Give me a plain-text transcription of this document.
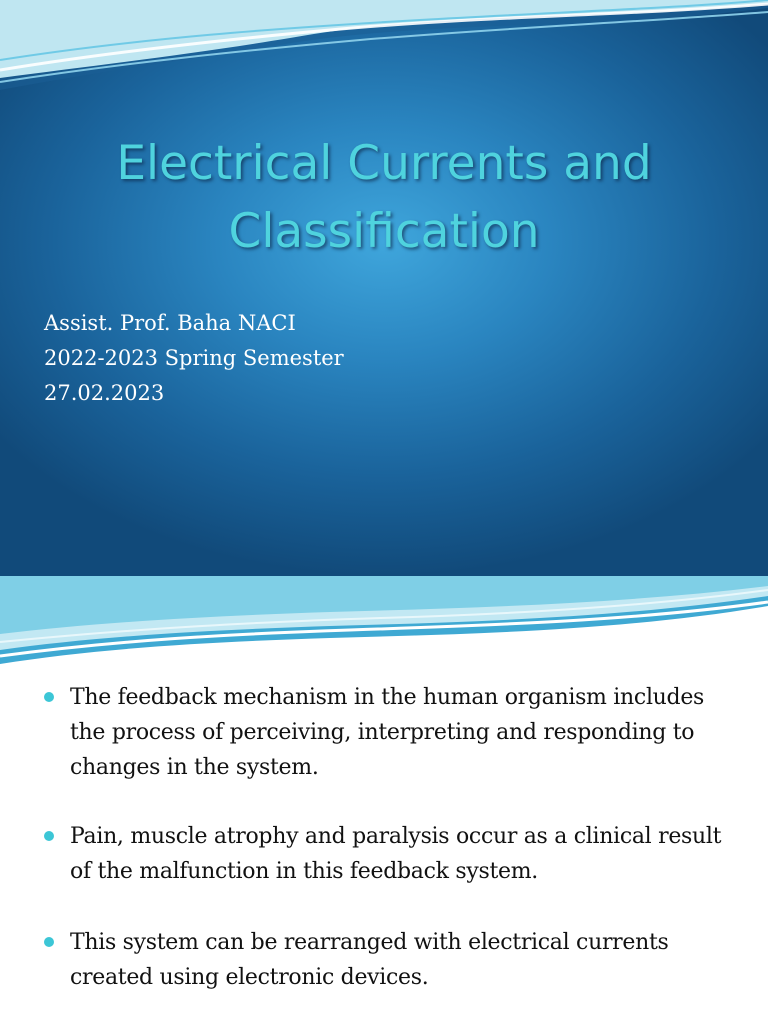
Electrical Currents and
Classification
Assist. Prof. Baha NACI
2022-2023 Spring Semester
27.02.2023
The feedback mechanism in the human organism includes the process of perceiving, interpreting and responding to changes in the system.
Pain, muscle atrophy and paralysis occur as a clinical result of the malfunction in this feedback system.
This system can be rearranged with electrical currents created using electronic devices.
